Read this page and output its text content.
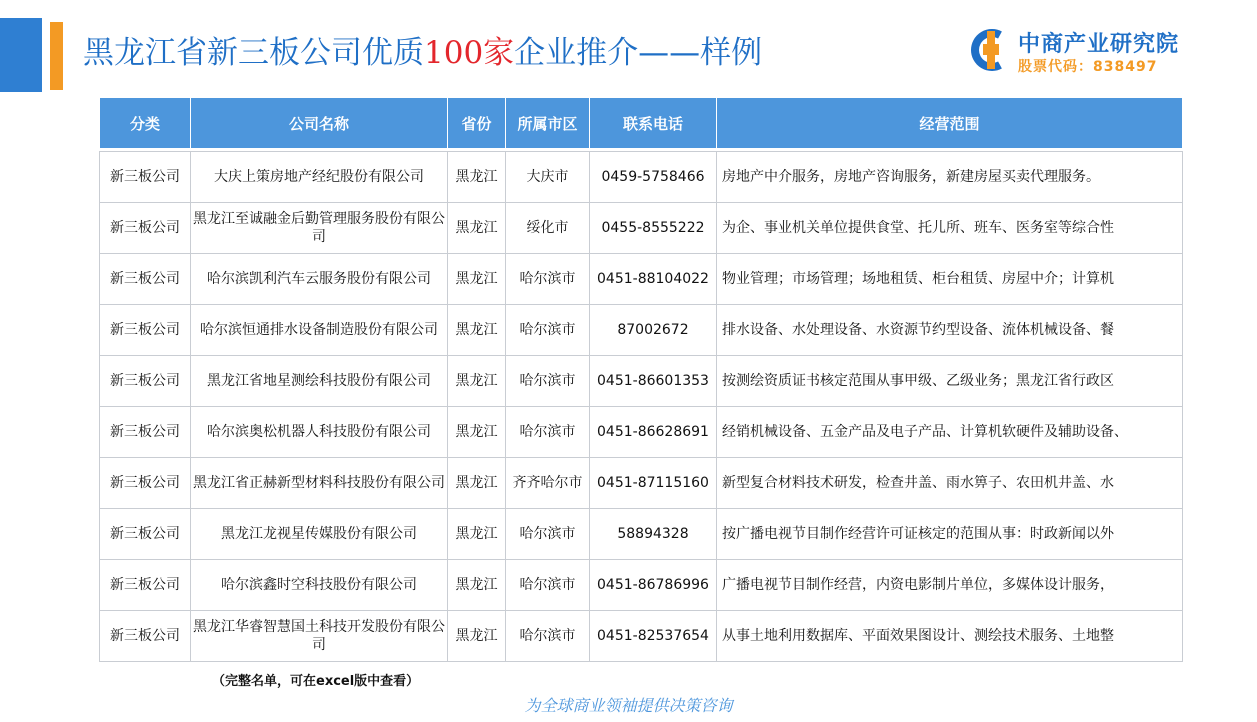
黑龙江省新三板公司优质100家企业推介——样例	中商产业研究院
股票代码：838497
分类	公司名称	省份	所属市区	联系电话	经营范围

新三板公司	大庆上策房地产经纪股份有限公司	黑龙江	大庆市	0459-5758466	房地产中介服务，房地产咨询服务，新建房屋买卖代理服务。
新三板公司	黑龙江至诚融金后勤管理服务股份有限公司	黑龙江	绥化市	0455-8555222	为企、事业机关单位提供食堂、托儿所、班车、医务室等综合性
新三板公司	哈尔滨凯利汽车云服务股份有限公司	黑龙江	哈尔滨市	0451-88104022	物业管理；市场管理；场地租赁、柜台租赁、房屋中介；计算机
新三板公司	哈尔滨恒通排水设备制造股份有限公司	黑龙江	哈尔滨市	87002672	排水设备、水处理设备、水资源节约型设备、流体机械设备、餐
新三板公司	黑龙江省地星测绘科技股份有限公司	黑龙江	哈尔滨市	0451-86601353	按测绘资质证书核定范围从事甲级、乙级业务；黑龙江省行政区
新三板公司	哈尔滨奥松机器人科技股份有限公司	黑龙江	哈尔滨市	0451-86628691	经销机械设备、五金产品及电子产品、计算机软硬件及辅助设备、
新三板公司	黑龙江省正赫新型材料科技股份有限公司	黑龙江	齐齐哈尔市	0451-87115160	新型复合材料技术研发，检查井盖、雨水箅子、农田机井盖、水
新三板公司	黑龙江龙视星传媒股份有限公司	黑龙江	哈尔滨市	58894328	按广播电视节目制作经营许可证核定的范围从事：时政新闻以外
新三板公司	哈尔滨鑫时空科技股份有限公司	黑龙江	哈尔滨市	0451-86786996	广播电视节目制作经营，内资电影制片单位，多媒体设计服务，
新三板公司	黑龙江华睿智慧国土科技开发股份有限公司	黑龙江	哈尔滨市	0451-82537654	从事土地利用数据库、平面效果图设计、测绘技术服务、土地整
（完整名单，可在excel版中查看）
为全球商业领袖提供决策咨询
